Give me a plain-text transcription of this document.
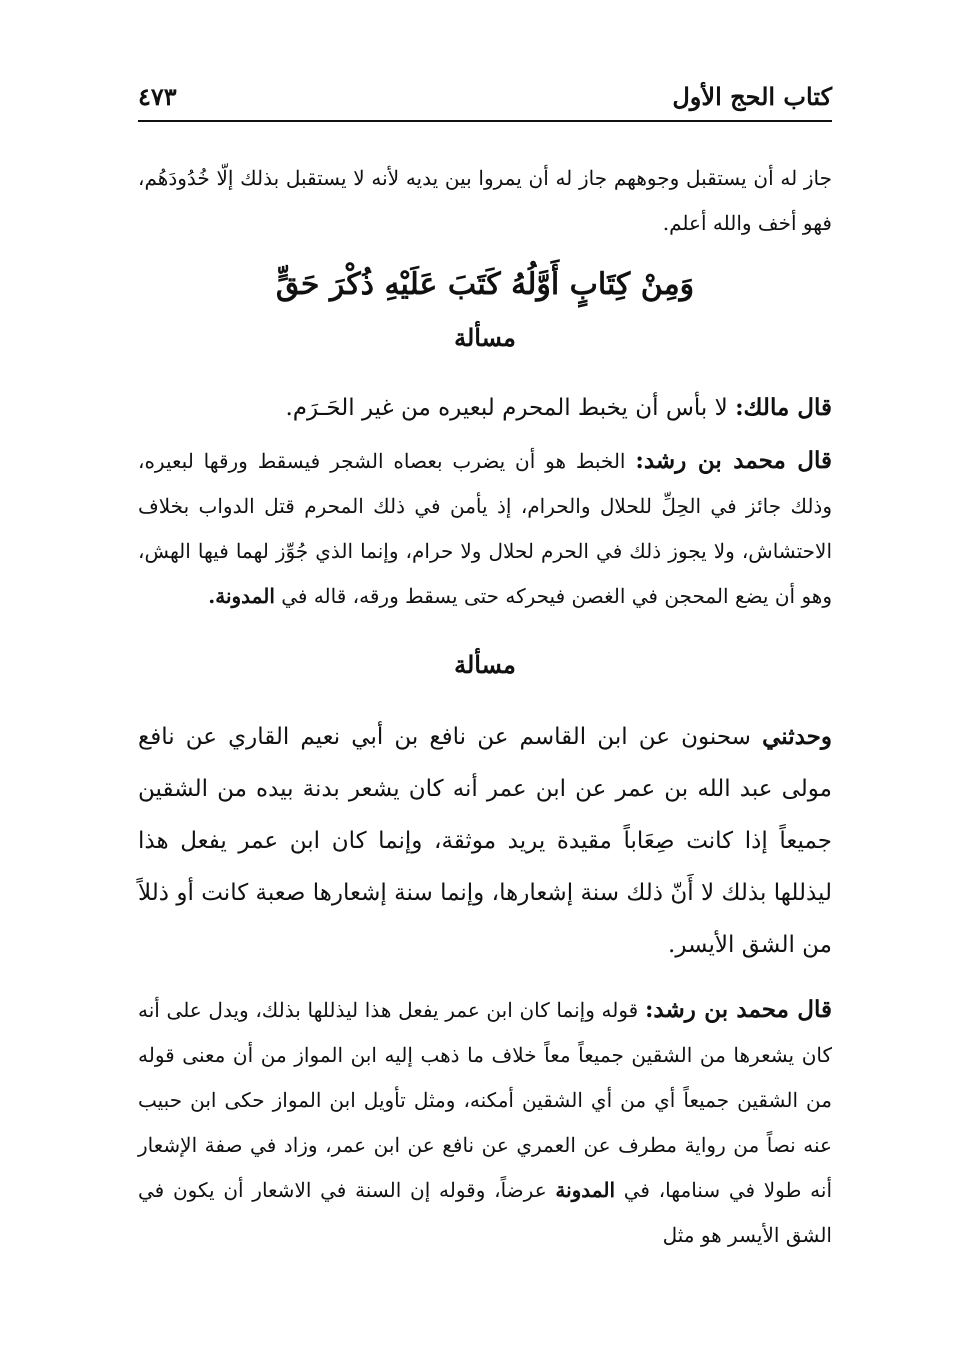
كتاب الحج الأول
٤٧٣

جاز له أن يستقبل وجوههم جاز له أن يمروا بين يديه لأنه لا يستقبل بذلك إلّا خُدُودَهُم، فهو أخف والله أعلم.

وَمِنْ كِتَابٍ أَوَّلُهُ كَتَبَ عَلَيْهِ ذُكْرَ حَقٍّ

مسألة

قال مالك: لا بأس أن يخبط المحرم لبعيره من غير الحَـرَم.

قال محمد بن رشد: الخبط هو أن يضرب بعصاه الشجر فيسقط ورقها لبعيره، وذلك جائز في الحِلِّ للحلال والحرام، إذ يأمن في ذلك المحرم قتل الدواب بخلاف الاحتشاش، ولا يجوز ذلك في الحرم لحلال ولا حرام، وإنما الذي جُوِّز لهما فيها الهش، وهو أن يضع المحجن في الغصن فيحركه حتى يسقط ورقه، قاله في المدونة.

مسألة

وحدثني سحنون عن ابن القاسم عن نافع بن أبي نعيم القاري عن نافع مولى عبد الله بن عمر عن ابن عمر أنه كان يشعر بدنة بيده من الشقين جميعاً إذا كانت صِعَاباً مقيدة يريد موثقة، وإنما كان ابن عمر يفعل هذا ليذللها بذلك لا أَنّ ذلك سنة إشعارها، وإنما سنة إشعارها صعبة كانت أو ذللاً من الشق الأيسر.

قال محمد بن رشد: قوله وإنما كان ابن عمر يفعل هذا ليذللها بذلك، ويدل على أنه كان يشعرها من الشقين جميعاً معاً خلاف ما ذهب إليه ابن المواز من أن معنى قوله من الشقين جميعاً أي من أي الشقين أمكنه، ومثل تأويل ابن المواز حكى ابن حبيب عنه نصاً من رواية مطرف عن العمري عن نافع عن ابن عمر، وزاد في صفة الإشعار أنه طولا في سنامها، في المدونة عرضاً، وقوله إن السنة في الاشعار أن يكون في الشق الأيسر هو مثل
